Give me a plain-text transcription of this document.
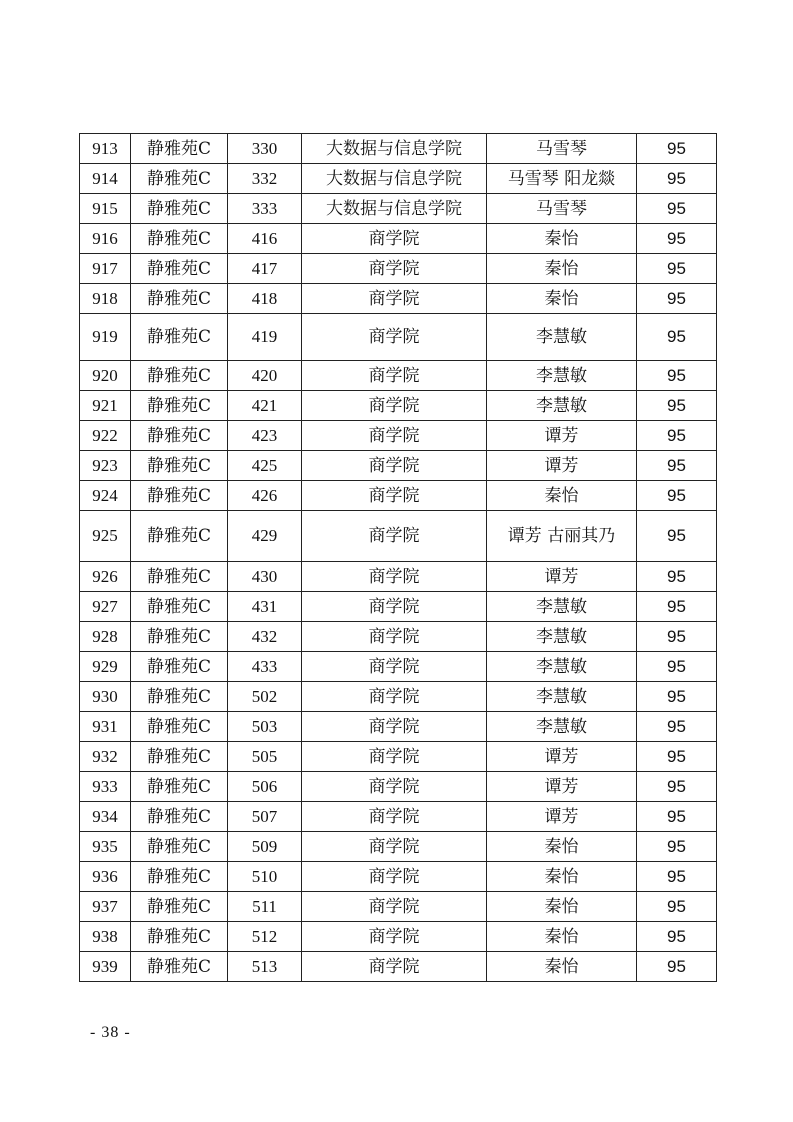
913	静雅苑C	330	大数据与信息学院	马雪琴	95
914	静雅苑C	332	大数据与信息学院	马雪琴 阳龙燚	95
915	静雅苑C	333	大数据与信息学院	马雪琴	95
916	静雅苑C	416	商学院	秦怡	95
917	静雅苑C	417	商学院	秦怡	95
918	静雅苑C	418	商学院	秦怡	95
919	静雅苑C	419	商学院	李慧敏	95
920	静雅苑C	420	商学院	李慧敏	95
921	静雅苑C	421	商学院	李慧敏	95
922	静雅苑C	423	商学院	谭芳	95
923	静雅苑C	425	商学院	谭芳	95
924	静雅苑C	426	商学院	秦怡	95
925	静雅苑C	429	商学院	谭芳 古丽其乃	95
926	静雅苑C	430	商学院	谭芳	95
927	静雅苑C	431	商学院	李慧敏	95
928	静雅苑C	432	商学院	李慧敏	95
929	静雅苑C	433	商学院	李慧敏	95
930	静雅苑C	502	商学院	李慧敏	95
931	静雅苑C	503	商学院	李慧敏	95
932	静雅苑C	505	商学院	谭芳	95
933	静雅苑C	506	商学院	谭芳	95
934	静雅苑C	507	商学院	谭芳	95
935	静雅苑C	509	商学院	秦怡	95
936	静雅苑C	510	商学院	秦怡	95
937	静雅苑C	511	商学院	秦怡	95
938	静雅苑C	512	商学院	秦怡	95
939	静雅苑C	513	商学院	秦怡	95
- 38 -
